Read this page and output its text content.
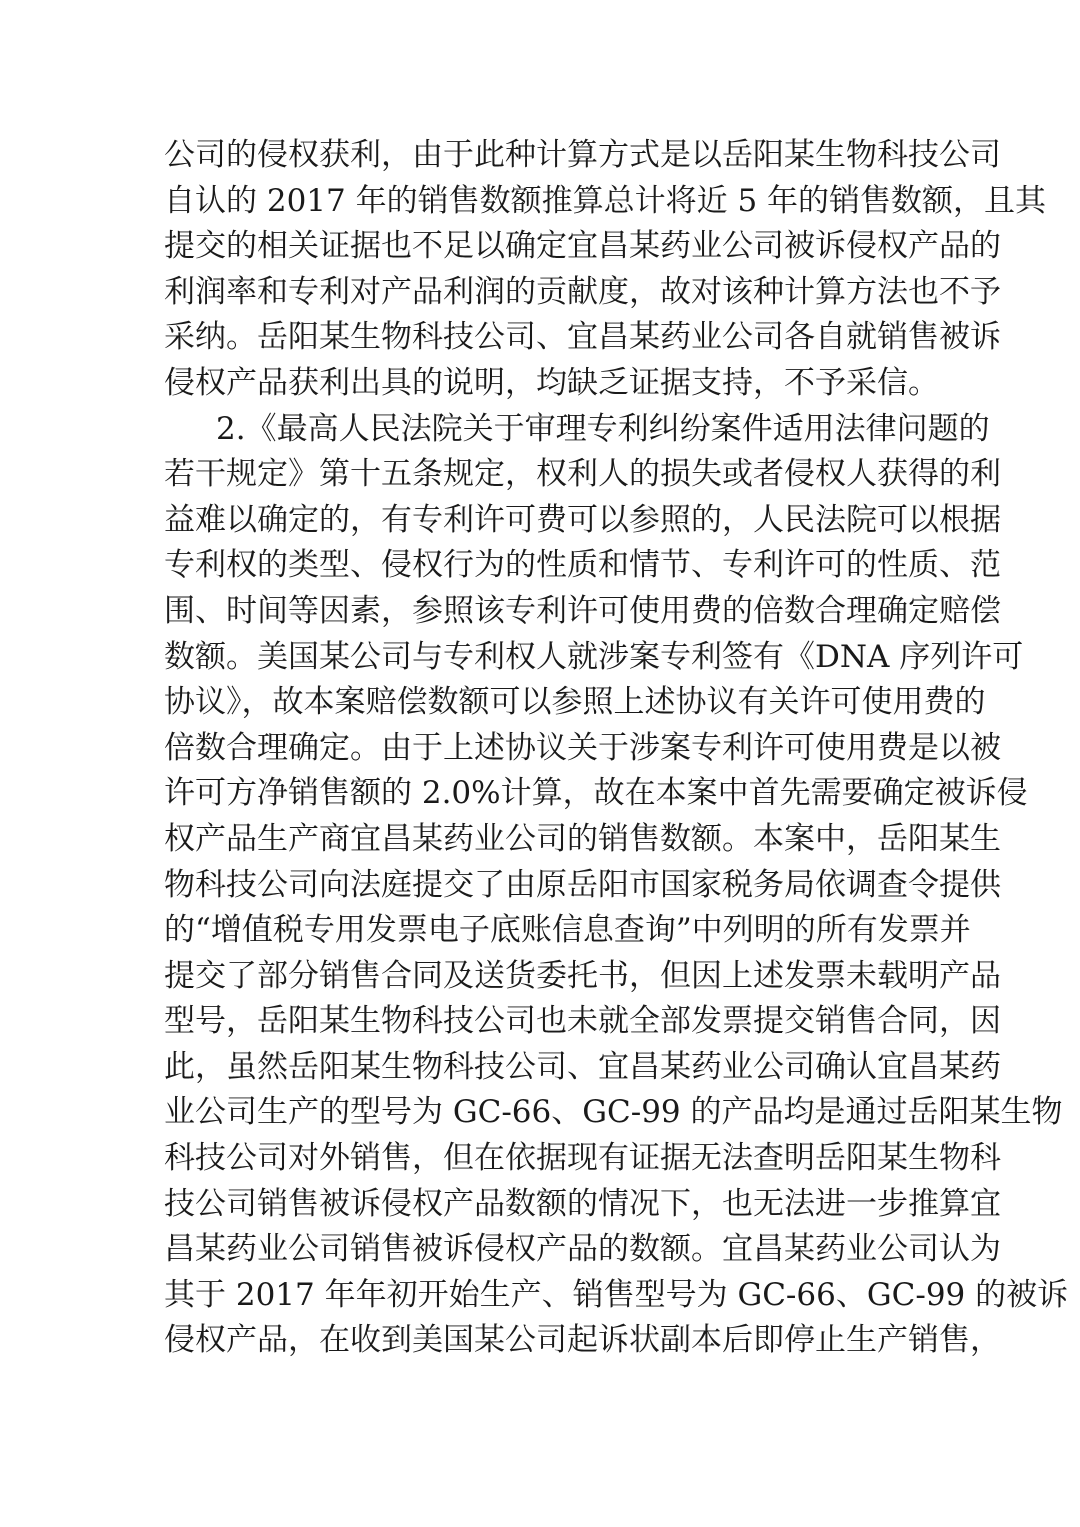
公司的侵权获利，由于此种计算方式是以岳阳某生物科技公司
自认的 2017 年的销售数额推算总计将近 5 年的销售数额，且其
提交的相关证据也不足以确定宜昌某药业公司被诉侵权产品的
利润率和专利对产品利润的贡献度，故对该种计算方法也不予
采纳。岳阳某生物科技公司、宜昌某药业公司各自就销售被诉
侵权产品获利出具的说明，均缺乏证据支持，不予采信。
2.《最高人民法院关于审理专利纠纷案件适用法律问题的
若干规定》第十五条规定，权利人的损失或者侵权人获得的利
益难以确定的，有专利许可费可以参照的，人民法院可以根据
专利权的类型、侵权行为的性质和情节、专利许可的性质、范
围、时间等因素，参照该专利许可使用费的倍数合理确定赔偿
数额。美国某公司与专利权人就涉案专利签有《DNA 序列许可
协议》，故本案赔偿数额可以参照上述协议有关许可使用费的
倍数合理确定。由于上述协议关于涉案专利许可使用费是以被
许可方净销售额的 2.0%计算，故在本案中首先需要确定被诉侵
权产品生产商宜昌某药业公司的销售数额。本案中，岳阳某生
物科技公司向法庭提交了由原岳阳市国家税务局依调查令提供
的“增值税专用发票电子底账信息查询”中列明的所有发票并
提交了部分销售合同及送货委托书，但因上述发票未载明产品
型号，岳阳某生物科技公司也未就全部发票提交销售合同，因
此，虽然岳阳某生物科技公司、宜昌某药业公司确认宜昌某药
业公司生产的型号为 GC-66、GC-99 的产品均是通过岳阳某生物
科技公司对外销售，但在依据现有证据无法查明岳阳某生物科
技公司销售被诉侵权产品数额的情况下，也无法进一步推算宜
昌某药业公司销售被诉侵权产品的数额。宜昌某药业公司认为
其于 2017 年年初开始生产、销售型号为 GC-66、GC-99 的被诉
侵权产品，在收到美国某公司起诉状副本后即停止生产销售，
